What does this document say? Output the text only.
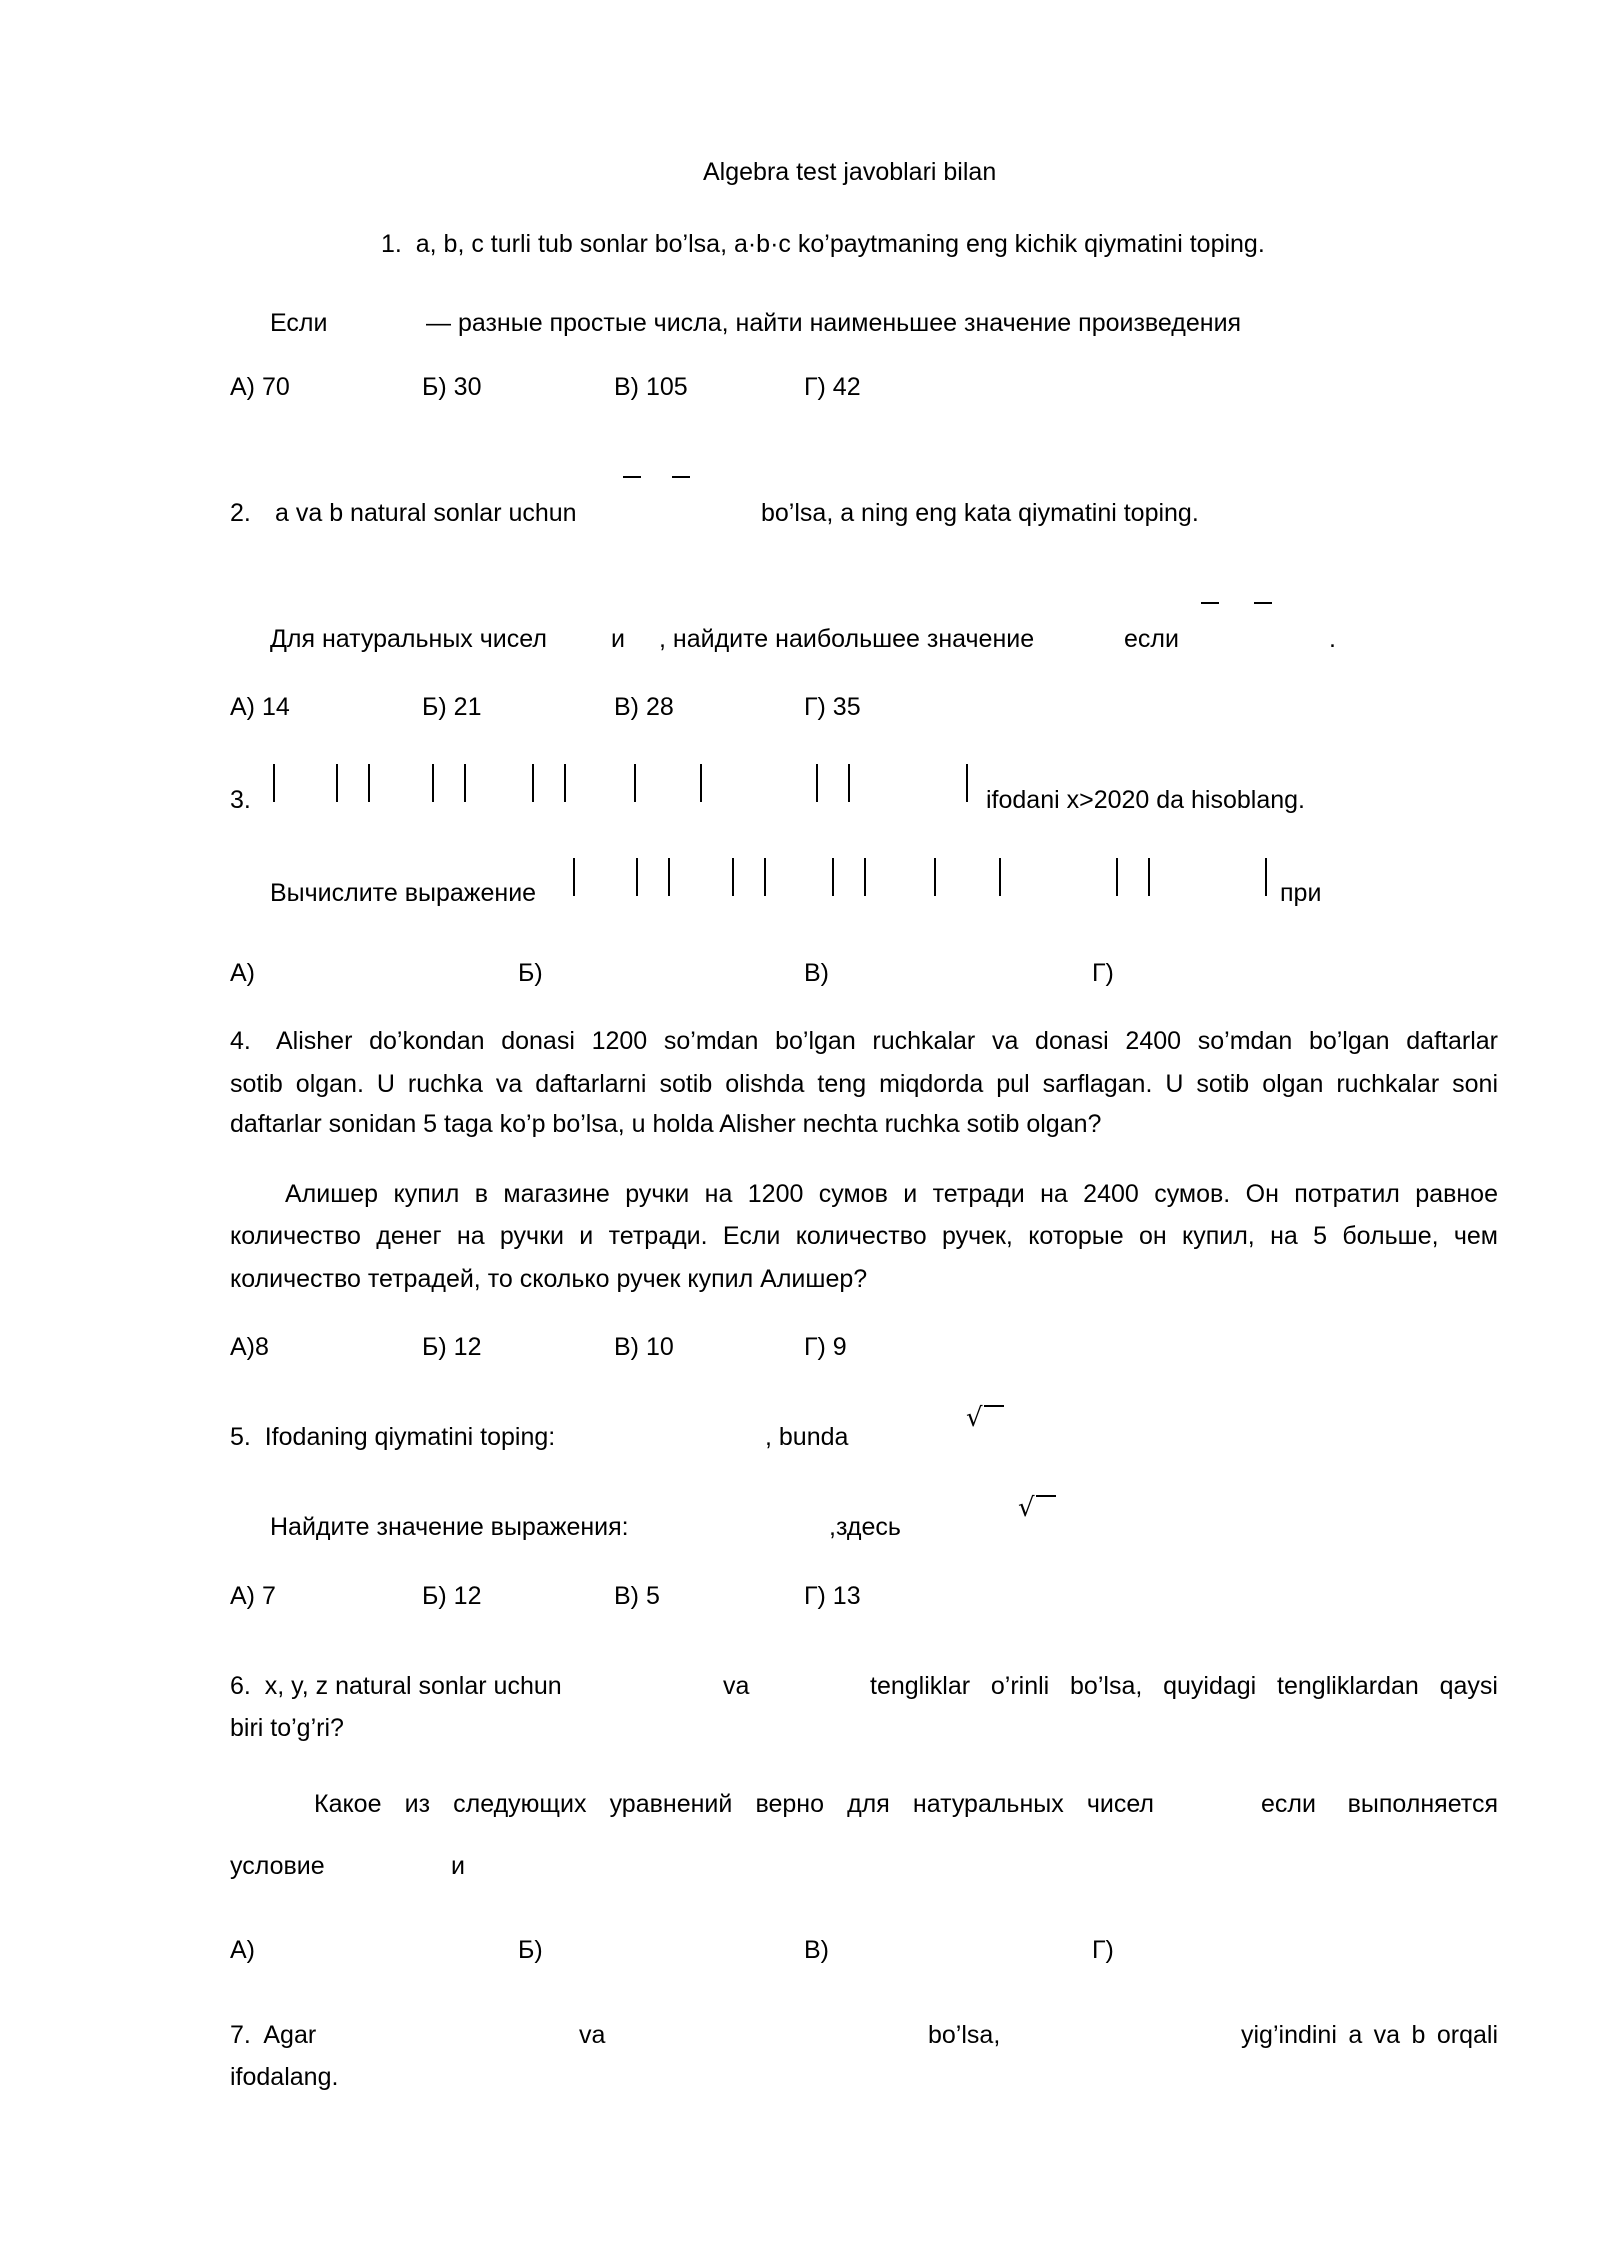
Algebra test javoblari bilan
1.  a, b, c turli tub sonlar bo’lsa, a·b·c ko’paytmaning eng kichik qiymatini toping.
Если	— разные простые числа, найти наименьшее значение произведения
А) 70	Б) 30	В) 105	Г) 42
2. a va b natural sonlar uchun	bo’lsa, a ning eng kata qiymatini toping.
Для натуральных чисел	и , найдите наибольшее значение	если	.
А) 14	Б) 21	В) 28	Г) 35
3.	ifodani x>2020 da hisoblang.
Вычислите выражение	при
А)	Б)	В)	Г)
4. Alisher do’kondan donasi 1200 so’mdan bo’lgan ruchkalar va donasi 2400 so’mdan bo’lgan daftarlar
sotib olgan. U ruchka va daftarlarni sotib olishda teng miqdorda pul sarflagan. U sotib olgan ruchkalar soni
daftarlar sonidan 5 taga ko’p bo’lsa, u holda Alisher nechta ruchka sotib olgan?
Алишер купил в магазине ручки на 1200 сумов и тетради на 2400 сумов. Он потратил равное
количество денег на ручки и тетради. Если количество ручек, которые он купил, на 5 больше, чем
количество тетрадей, то сколько ручек купил Алишер?
А)8	Б) 12	В) 10	Г) 9
5.  Ifodaning qiymatini toping:	, bunda
√
Найдите значение выражения:	,здесь
√
А) 7	Б) 12	В) 5	Г) 13
6.  x, y, z natural sonlar uchun	va	tengliklar o’rinli bo’lsa, quyidagi tengliklardan qaysi
biri to’g’ri?
Какое из следующих уравнений верно для натуральных чисел	если выполняется
условие	и
А)	Б)	В)	Г)
7.  Agar	va	bo’lsa,	yig’indini a va b orqali
ifodalang.
